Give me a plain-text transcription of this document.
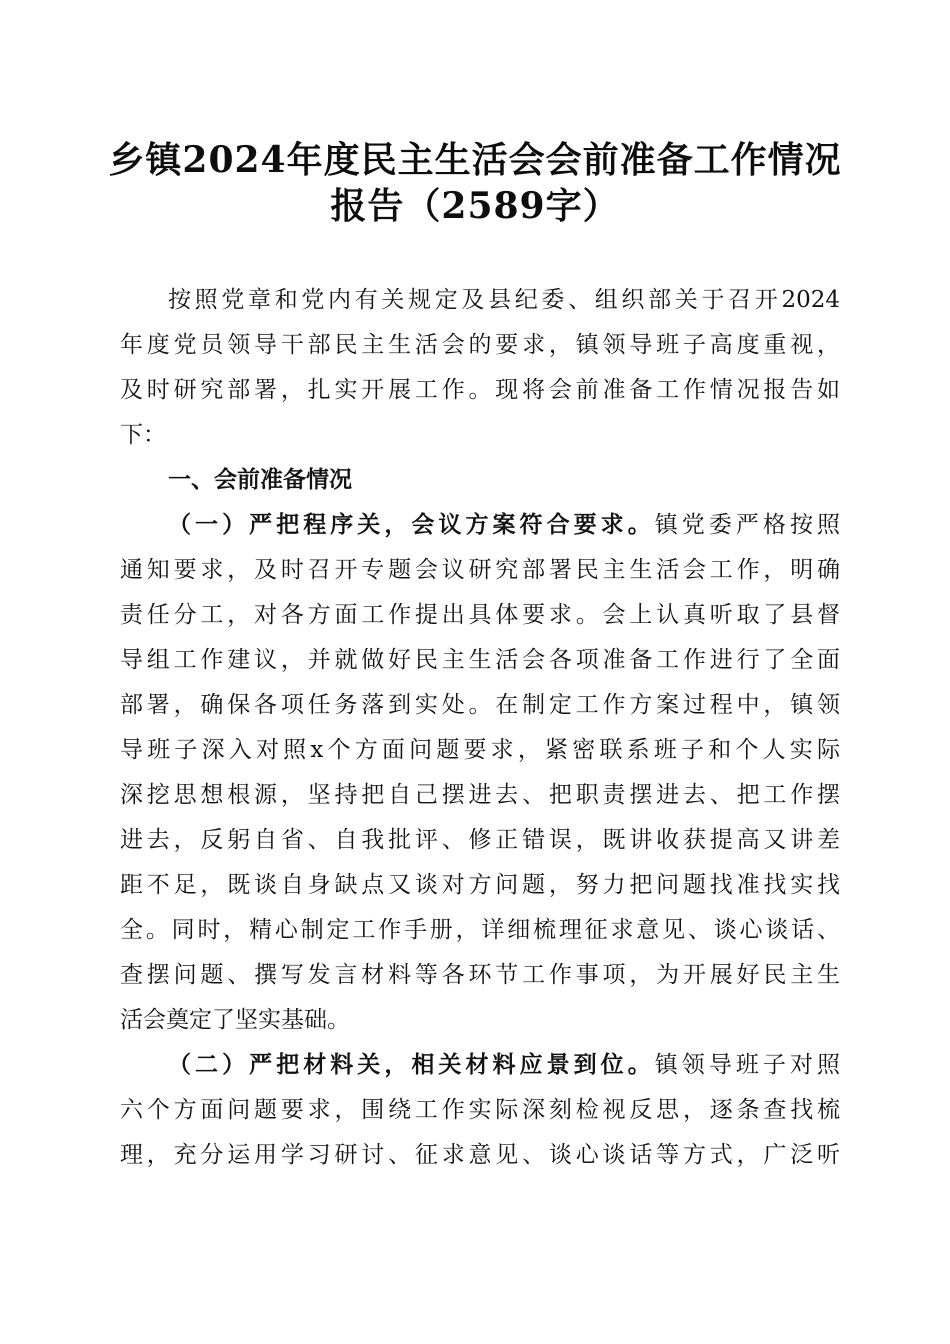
乡镇2024年度民主生活会会前准备工作情况
报告（2589字）
按照党章和党内有关规定及县纪委、组织部关于召开2024
年度党员领导干部民主生活会的要求，镇领导班子高度重视，
及时研究部署，扎实开展工作。现将会前准备工作情况报告如
下：
一、会前准备情况
（一）严把程序关，会议方案符合要求。镇党委严格按照
通知要求，及时召开专题会议研究部署民主生活会工作，明确
责任分工，对各方面工作提出具体要求。会上认真听取了县督
导组工作建议，并就做好民主生活会各项准备工作进行了全面
部署，确保各项任务落到实处。在制定工作方案过程中，镇领
导班子深入对照x个方面问题要求，紧密联系班子和个人实际
深挖思想根源，坚持把自己摆进去、把职责摆进去、把工作摆
进去，反躬自省、自我批评、修正错误，既讲收获提高又讲差
距不足，既谈自身缺点又谈对方问题，努力把问题找准找实找
全。同时，精心制定工作手册，详细梳理征求意见、谈心谈话、
查摆问题、撰写发言材料等各环节工作事项，为开展好民主生
活会奠定了坚实基础。
（二）严把材料关，相关材料应景到位。镇领导班子对照
六个方面问题要求，围绕工作实际深刻检视反思，逐条查找梳
理，充分运用学习研讨、征求意见、谈心谈话等方式，广泛听
